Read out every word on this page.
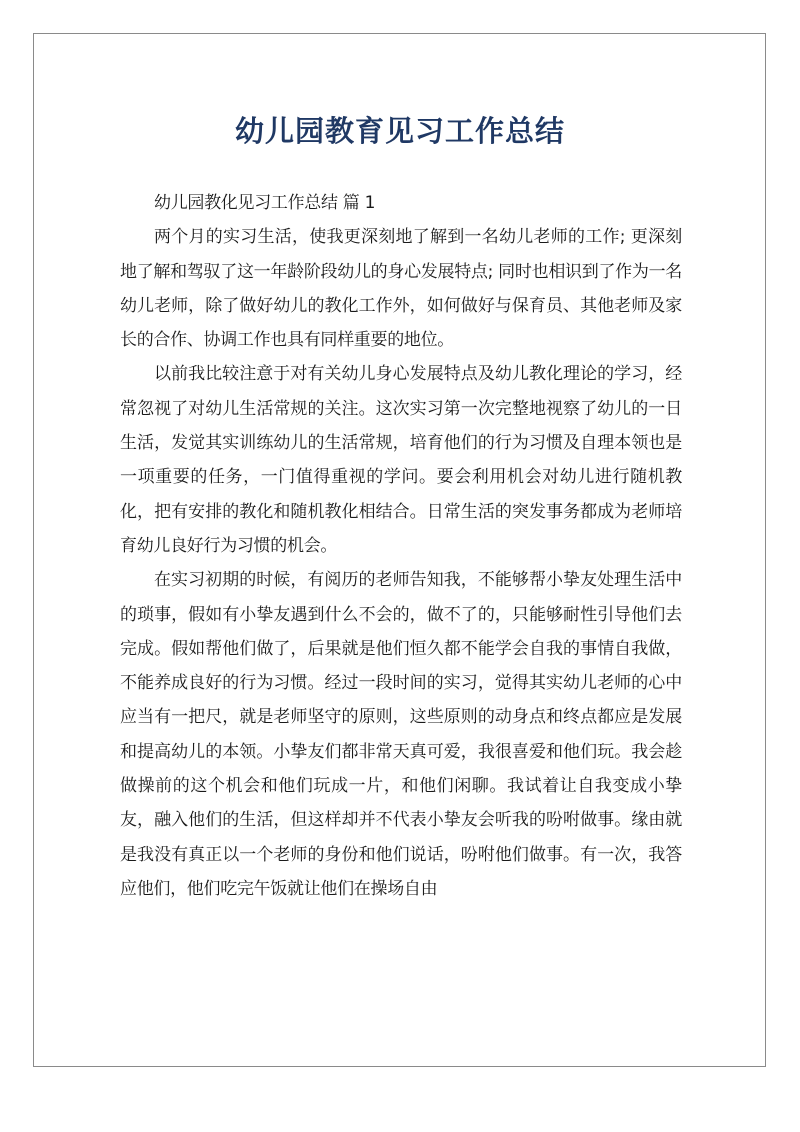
幼儿园教育见习工作总结

幼儿园教化见习工作总结 篇 1

两个月的实习生活，使我更深刻地了解到一名幼儿老师的工作; 更深刻地了解和驾驭了这一年龄阶段幼儿的身心发展特点; 同时也相识到了作为一名幼儿老师，除了做好幼儿的教化工作外，如何做好与保育员、其他老师及家长的合作、协调工作也具有同样重要的地位。

以前我比较注意于对有关幼儿身心发展特点及幼儿教化理论的学习，经常忽视了对幼儿生活常规的关注。这次实习第一次完整地视察了幼儿的一日生活，发觉其实训练幼儿的生活常规，培育他们的行为习惯及自理本领也是一项重要的任务，一门值得重视的学问。要会利用机会对幼儿进行随机教化，把有安排的教化和随机教化相结合。日常生活的突发事务都成为老师培育幼儿良好行为习惯的机会。

在实习初期的时候，有阅历的老师告知我，不能够帮小挚友处理生活中的琐事，假如有小挚友遇到什么不会的，做不了的，只能够耐性引导他们去完成。假如帮他们做了，后果就是他们恒久都不能学会自我的事情自我做，不能养成良好的行为习惯。经过一段时间的实习，觉得其实幼儿老师的心中应当有一把尺，就是老师坚守的原则，这些原则的动身点和终点都应是发展和提高幼儿的本领。小挚友们都非常天真可爱，我很喜爱和他们玩。我会趁做操前的这个机会和他们玩成一片，和他们闲聊。我试着让自我变成小挚友，融入他们的生活，但这样却并不代表小挚友会听我的吩咐做事。缘由就是我没有真正以一个老师的身份和他们说话，吩咐他们做事。有一次，我答应他们，他们吃完午饭就让他们在操场自由
